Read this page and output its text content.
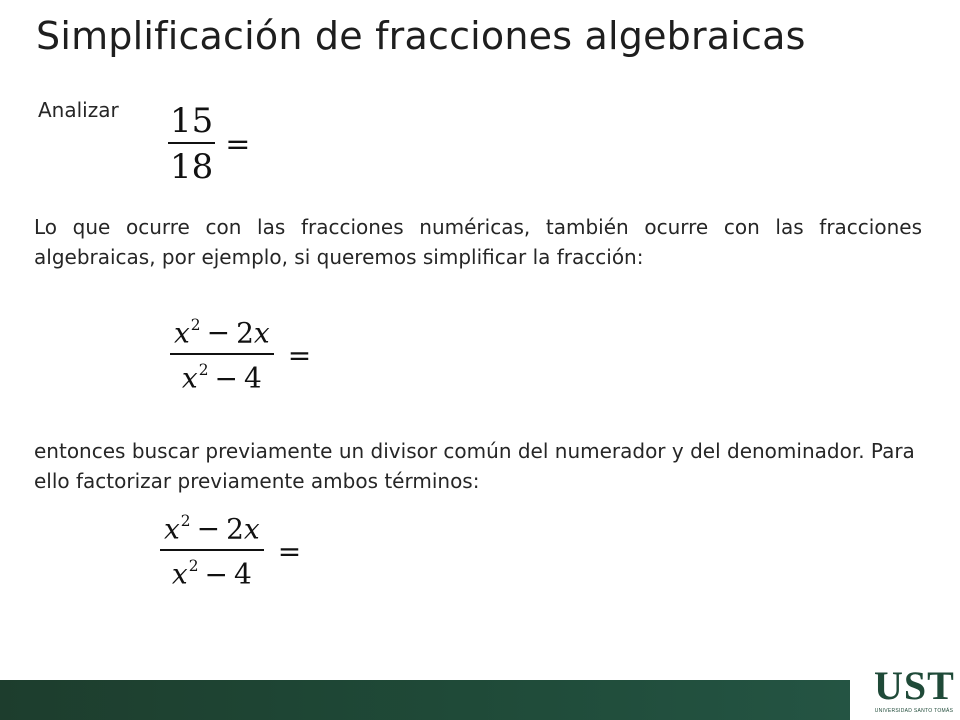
Simplificación de fracciones algebraicas
Analizar $\frac{15}{18}$ =
Lo que ocurre con las fracciones numéricas, también ocurre con las fracciones algebraicas, por ejemplo, si queremos simplificar la fracción:
$\frac{x^2 - 2x}{x^2 - 4}$ =
entonces buscar previamente un divisor común del numerador y del denominador. Para ello factorizar previamente ambos términos:
$\frac{x^2 - 2x}{x^2 - 4}$ =
UST
UNIVERSIDAD SANTO TOMÁS
